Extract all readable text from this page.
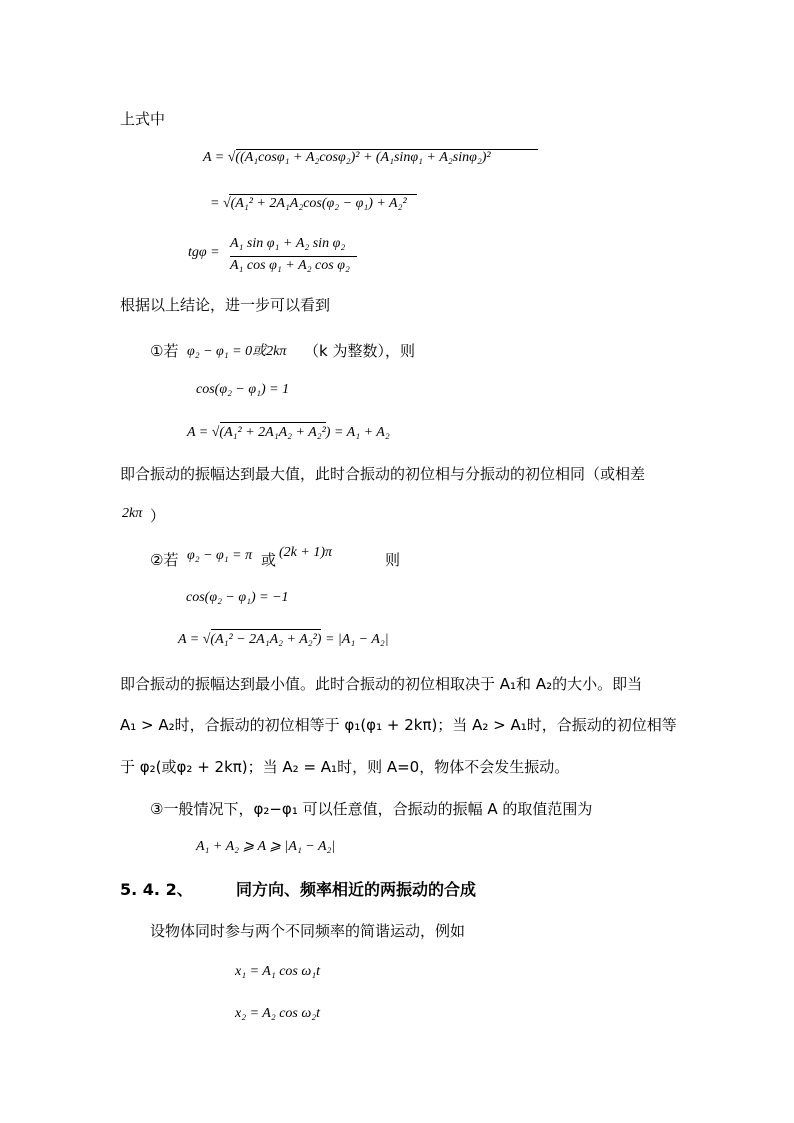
上式中
A = √((A₁cosφ₁ + A₂cosφ₂)² + (A₁sinφ₁ + A₂sinφ₂)²
= √(A₁² + 2A₁A₂cos(φ₂ − φ₁) + A₂²
tgφ =
A₁ sin φ₁ + A₂ sin φ₂
A₁ cos φ₁ + A₂ cos φ₂
根据以上结论，进一步可以看到
①若 φ₂ − φ₁ = 0或2kπ （k 为整数），则
cos(φ₂ − φ₁) = 1
A = √(A₁² + 2A₁A₂ + A₂²) = A₁ + A₂
即合振动的振幅达到最大值，此时合振动的初位相与分振动的初位相同（或相差
2kπ ）
②若 φ₂ − φ₁ = π 或 (2k + 1)π	则
cos(φ₂ − φ₁) = −1
A = √(A₁² − 2A₁A₂ + A₂²) = |A₁ − A₂|
即合振动的振幅达到最小值。此时合振动的初位相取决于 A₁和 A₂的大小。即当
A₁ > A₂时，合振动的初位相等于 φ₁(φ₁ + 2kπ)；当 A₂ > A₁时，合振动的初位相等
于 φ₂(或φ₂ + 2kπ)；当 A₂ = A₁时，则 A=0，物体不会发生振动。
③一般情况下，φ₂−φ₁ 可以任意值，合振动的振幅 A 的取值范围为
A₁ + A₂ ⩾ A ⩾ |A₁ − A₂|
5. 4. 2、	同方向、频率相近的两振动的合成
设物体同时参与两个不同频率的简谐运动，例如
x₁ = A₁ cos ω₁t
x₂ = A₂ cos ω₂t
